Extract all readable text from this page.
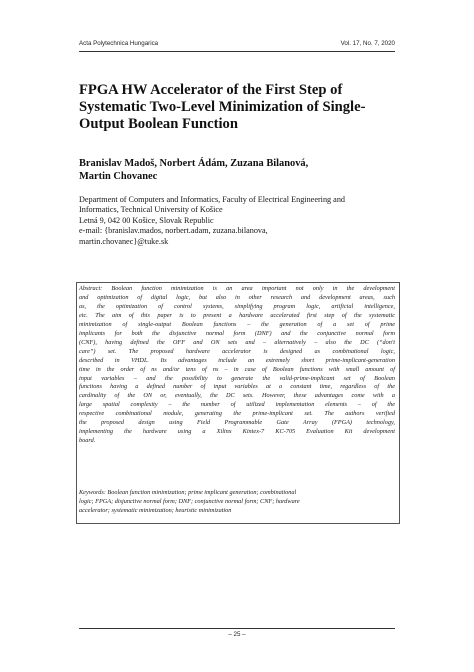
Acta Polytechnica Hungarica	Vol. 17, No. 7, 2020
FPGA HW Accelerator of the First Step of
Systematic Two-Level Minimization of Single-
Output Boolean Function
Branislav Madoš, Norbert Ádám, Zuzana Bilanová,
Martin Chovanec
Department of Computers and Informatics, Faculty of Electrical Engineering and
Informatics, Technical University of Košice
Letná 9, 042 00 Košice, Slovak Republic
e-mail: {branislav.mados, norbert.adam, zuzana.bilanova,
martin.chovanec}@tuke.sk
Abstract: Boolean function minimization is an area important not only in the development
and optimization of digital logic, but also in other research and development areas, such
as, the optimization of control systems, simplifying program logic, artificial intelligence,
etc. The aim of this paper is to present a hardware accelerated first step of the systematic
minimization of single-output Boolean functions – the generation of a set of prime
implicants for both the disjunctive normal form (DNF) and the conjunctive normal form
(CNF), having defined the OFF and ON sets and – alternatively – also the DC (“don't
care”) set. The proposed hardware accelerator is designed as combinational logic,
described in VHDL. Its advantages include an extremely short prime-implicant-generation
time in the order of ns and/or tens of ns – in case of Boolean functions with small amount of
input variables – and the possibility to generate the valid-prime-implicant set of Boolean
functions having a defined number of input variables at a constant time, regardless of the
cardinality of the ON or, eventually, the DC sets. However, these advantages come with a
large spatial complexity – the number of utilized implementation elements – of the
respective combinational module, generating the prime-implicant set. The authors verified
the proposed design using Field Programmable Gate Array (FPGA) technology,
implementing the hardware using a Xilinx Kintex-7 KC-705 Evaluation Kit development
board.
Keywords: Boolean function minimization; prime implicant generation; combinational
logic; FPGA; disjunctive normal form; DNF; conjunctive normal form; CNF; hardware
accelerator; systematic minimization; heuristic minimization
– 25 –
